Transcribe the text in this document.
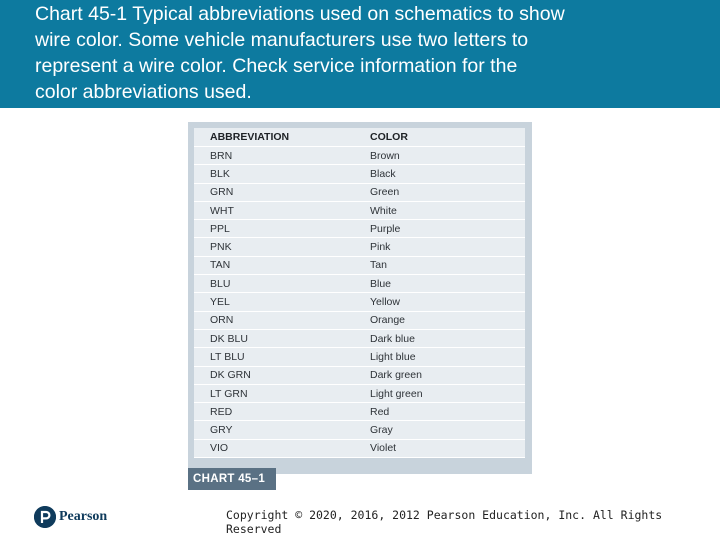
Chart 45-1 Typical abbreviations used on schematics to show
wire color. Some vehicle manufacturers use two letters to
represent a wire color. Check service information for the
color abbreviations used.
ABBREVIATION	COLOR
BRN	Brown
BLK	Black
GRN	Green
WHT	White
PPL	Purple
PNK	Pink
TAN	Tan
BLU	Blue
YEL	Yellow
ORN	Orange
DK BLU	Dark blue
LT BLU	Light blue
DK GRN	Dark green
LT GRN	Light green
RED	Red
GRY	Gray
VIO	Violet
CHART 45–1
Pearson	Copyright © 2020, 2016, 2012 Pearson Education, Inc. All Rights Reserved
